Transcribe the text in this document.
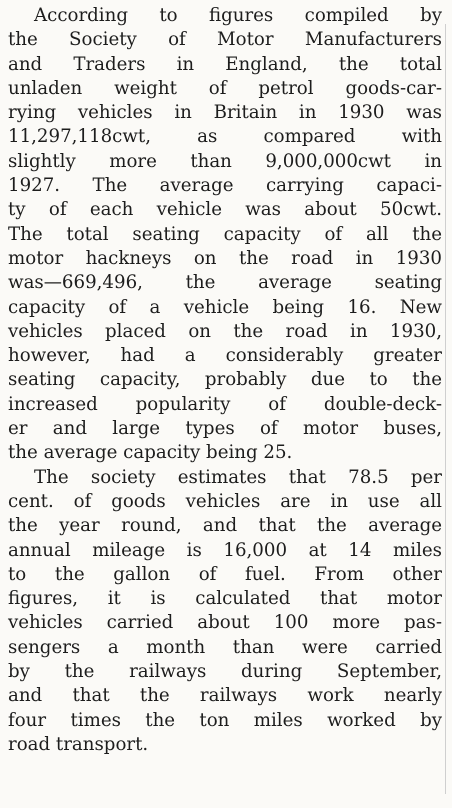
According to figures compiled by
the Society of Motor Manufacturers
and Traders in England, the total
unladen weight of petrol goods-car-
rying vehicles in Britain in 1930 was
11,297,118cwt, as compared with
slightly more than 9,000,000cwt in
1927. The average carrying capaci-
ty of each vehicle was about 50cwt.
The total seating capacity of all the
motor hackneys on the road in 1930
was—669,496, the average seating
capacity of a vehicle being 16. New
vehicles placed on the road in 1930,
however, had a considerably greater
seating capacity, probably due to the
increased popularity of double-deck-
er and large types of motor buses,
the average capacity being 25.
The society estimates that 78.5 per
cent. of goods vehicles are in use all
the year round, and that the average
annual mileage is 16,000 at 14 miles
to the gallon of fuel. From other
figures, it is calculated that motor
vehicles carried about 100 more pas-
sengers a month than were carried
by the railways during September,
and that the railways work nearly
four times the ton miles worked by
road transport.
